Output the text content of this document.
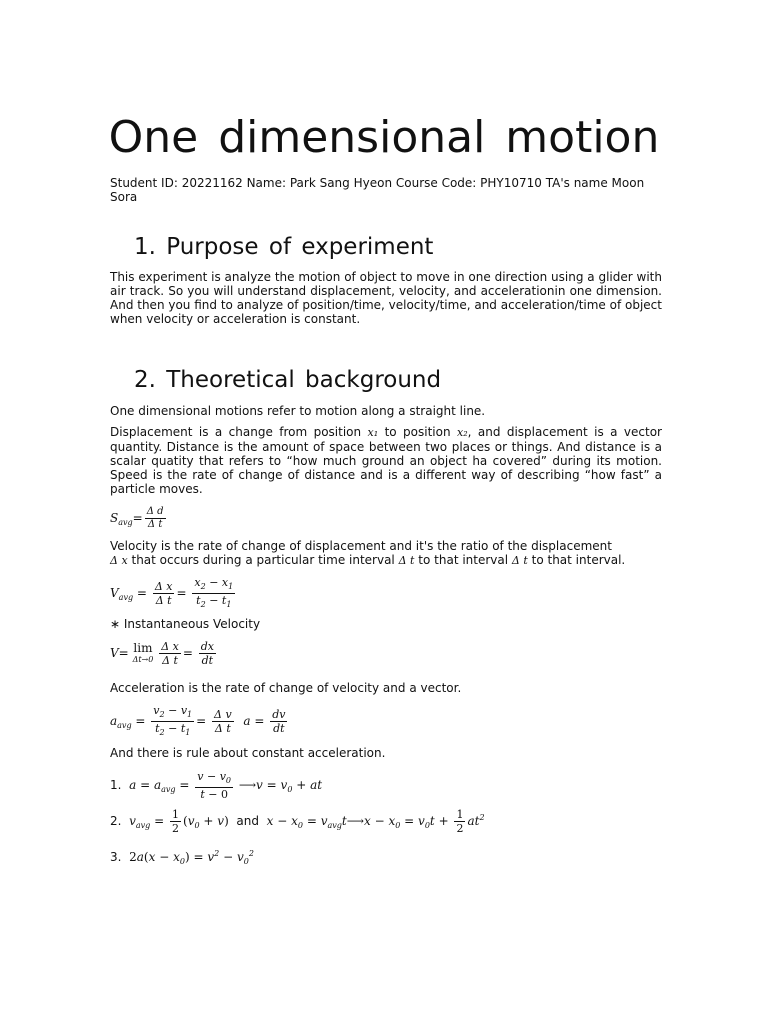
One dimensional motion

Student ID: 20221162 Name: Park Sang Hyeon Course Code: PHY10710 TA's name Moon Sora

1. Purpose of experiment

This experiment is analyze the motion of object to move in one direction using a glider with air track. So you will understand displacement, velocity, and accelerationin one dimension. And then you find to analyze of position/time, velocity/time, and acceleration/time of object when velocity or acceleration is constant.

2. Theoretical background

One dimensional motions refer to motion along a straight line.

Displacement is a change from position x₁ to position x₂, and displacement is a vector quantity. Distance is the amount of space between two places or things. And distance is a scalar quatity that refers to “how much ground an object ha covered” during its motion. Speed is the rate of change of distance and is a different way of describing “how fast” a particle moves.

$S_{avg}= \frac{\text{Δ d}}{\text{Δ t}}$

Velocity is the rate of change of displacement and it's the ratio of the displacement
Δ x that occurs during a particular time interval Δ t to that interval Δ t to that interval.

$V_{avg} = \frac{\text{Δ x}}{\text{Δ t}} = \frac{x_2 - x_1}{t_2 - t_1}$

∗ Instantaneous Velocity

V= lim
Δt→0
$\frac{\text{Δ x}}{\text{Δ t}} = \frac{dx}{dt}$

Acceleration is the rate of change of velocity and a vector.

$a_{avg} = \frac{v_2 - v_1}{t_2 - t_1} = \frac{\text{Δ v}}{\text{Δ t}}$ $a = \frac{dv}{dt}$

And there is rule about constant acceleration.

1. $a = a_{avg} = \frac{v - v_0}{t - 0}$ ⟶v = $v_0$ + at
2. $v_{avg} = \frac{1}{2} (v_0 + v)$ and $x - x_0$ = $v_{avg}t⟶x - x_0 = v_0t + \frac{1}{2} at^2$
3. $2a(x - x_0) = v^2 - v_0^2$
